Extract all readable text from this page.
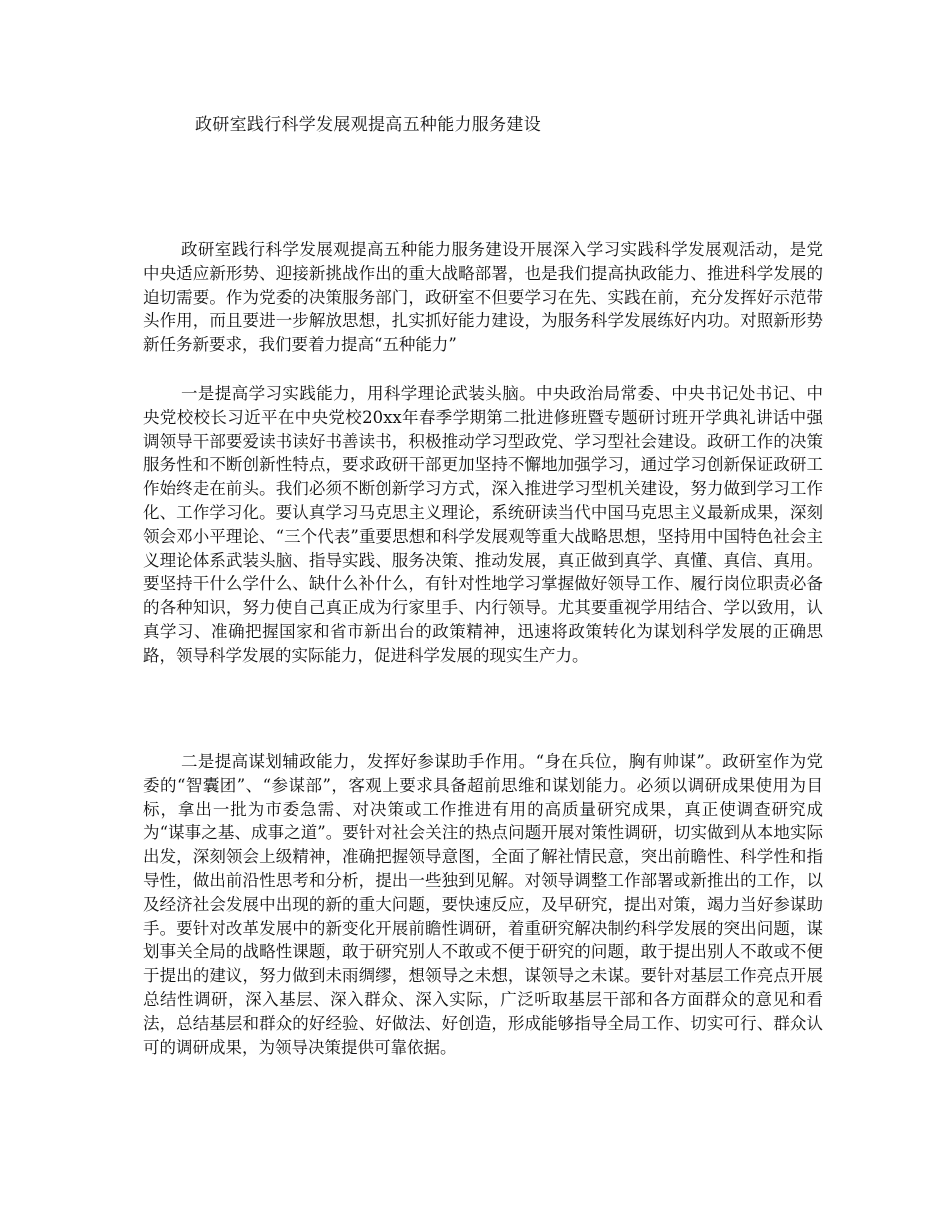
政研室践行科学发展观提高五种能力服务建设

政研室践行科学发展观提高五种能力服务建设开展深入学习实践科学发展观活动，是党中央适应新形势、迎接新挑战作出的重大战略部署，也是我们提高执政能力、推进科学发展的迫切需要。作为党委的决策服务部门，政研室不但要学习在先、实践在前，充分发挥好示范带头作用，而且要进一步解放思想，扎实抓好能力建设，为服务科学发展练好内功。对照新形势新任务新要求，我们要着力提高“五种能力”

一是提高学习实践能力，用科学理论武装头脑。中央政治局常委、中央书记处书记、中央党校校长习近平在中央党校20xx年春季学期第二批进修班暨专题研讨班开学典礼讲话中强调领导干部要爱读书读好书善读书，积极推动学习型政党、学习型社会建设。政研工作的决策服务性和不断创新性特点，要求政研干部更加坚持不懈地加强学习，通过学习创新保证政研工作始终走在前头。我们必须不断创新学习方式，深入推进学习型机关建设，努力做到学习工作化、工作学习化。要认真学习马克思主义理论，系统研读当代中国马克思主义最新成果，深刻领会邓小平理论、“三个代表”重要思想和科学发展观等重大战略思想，坚持用中国特色社会主义理论体系武装头脑、指导实践、服务决策、推动发展，真正做到真学、真懂、真信、真用。要坚持干什么学什么、缺什么补什么，有针对性地学习掌握做好领导工作、履行岗位职责必备的各种知识，努力使自己真正成为行家里手、内行领导。尤其要重视学用结合、学以致用，认真学习、准确把握国家和省市新出台的政策精神，迅速将政策转化为谋划科学发展的正确思路，领导科学发展的实际能力，促进科学发展的现实生产力。

二是提高谋划辅政能力，发挥好参谋助手作用。“身在兵位，胸有帅谋”。政研室作为党委的“智囊团”、“参谋部”，客观上要求具备超前思维和谋划能力。必须以调研成果使用为目标，拿出一批为市委急需、对决策或工作推进有用的高质量研究成果，真正使调查研究成为“谋事之基、成事之道”。要针对社会关注的热点问题开展对策性调研，切实做到从本地实际出发，深刻领会上级精神，准确把握领导意图，全面了解社情民意，突出前瞻性、科学性和指导性，做出前沿性思考和分析，提出一些独到见解。对领导调整工作部署或新推出的工作，以及经济社会发展中出现的新的重大问题，要快速反应，及早研究，提出对策，竭力当好参谋助手。要针对改革发展中的新变化开展前瞻性调研，着重研究解决制约科学发展的突出问题，谋划事关全局的战略性课题，敢于研究别人不敢或不便于研究的问题，敢于提出别人不敢或不便于提出的建议，努力做到未雨绸缪，想领导之未想，谋领导之未谋。要针对基层工作亮点开展总结性调研，深入基层、深入群众、深入实际，广泛听取基层干部和各方面群众的意见和看法，总结基层和群众的好经验、好做法、好创造，形成能够指导全局工作、切实可行、群众认可的调研成果，为领导决策提供可靠依据。
